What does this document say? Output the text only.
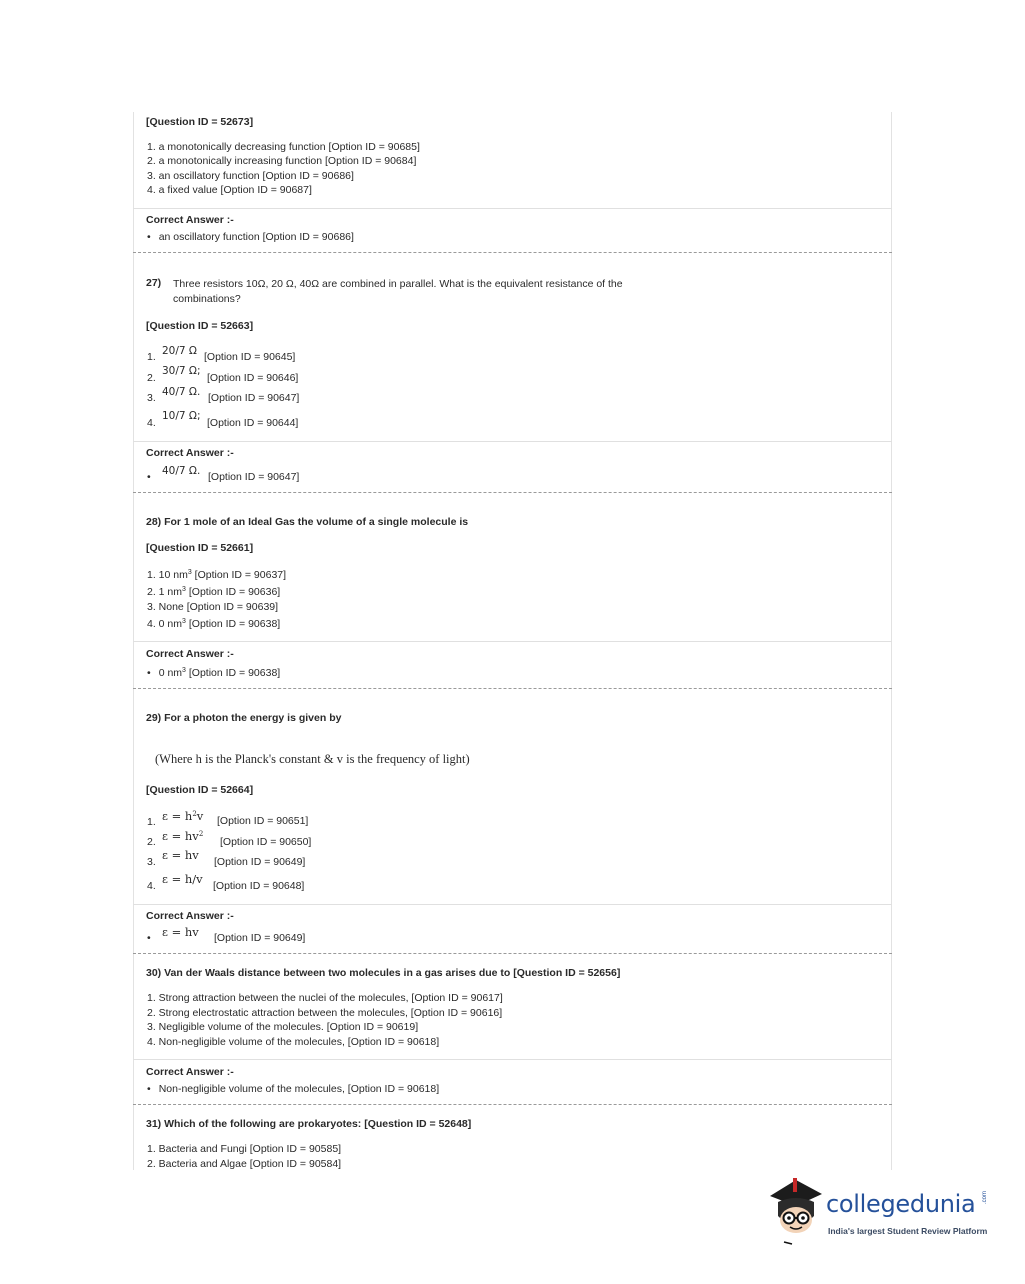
[Question ID = 52673]
1. a monotonically decreasing function [Option ID = 90685]
2. a monotonically increasing function [Option ID = 90684]
3. an oscillatory function [Option ID = 90686]
4. a fixed value [Option ID = 90687]
Correct Answer :-
• an oscillatory function [Option ID = 90686]
27) Three resistors 10Ω, 20 Ω, 40Ω are combined in parallel. What is the equivalent resistance of the
combinations?
[Question ID = 52663]
1. 20/7 Ω [Option ID = 90645]
2.
30/7 Ω;
[Option ID = 90646]
3. 40/7 Ω. [Option ID = 90647]
4.
10/7 Ω;
[Option ID = 90644]
Correct Answer :-
• 40/7 Ω. [Option ID = 90647]
28) For 1 mole of an Ideal Gas the volume of a single molecule is
[Question ID = 52661]
1. 10 $nm^3$ [Option ID = 90637]
2. 1 $nm^3$ [Option ID = 90636]
3. None [Option ID = 90639]
4. 0 $nm^3$ [Option ID = 90638]
Correct Answer :-
• 0 $nm^3$ [Option ID = 90638]
29) For a photon the energy is given by
(Where h is the Planck's constant & v is the frequency of light)
[Question ID = 52664]
1. $\varepsilon = h^2v$ [Option ID = 90651]
2. $\varepsilon = hv^2$
[Option ID = 90650]
3. ε = hv [Option ID = 90649]
4. ε = h/v [Option ID = 90648]
Correct Answer :-
• ε = hv [Option ID = 90649]
30) Van der Waals distance between two molecules in a gas arises due to [Question ID = 52656]
1. Strong attraction between the nuclei of the molecules, [Option ID = 90617]
2. Strong electrostatic attraction between the molecules, [Option ID = 90616]
3. Negligible volume of the molecules. [Option ID = 90619]
4. Non-negligible volume of the molecules, [Option ID = 90618]
Correct Answer :-
• Non-negligible volume of the molecules, [Option ID = 90618]
31) Which of the following are prokaryotes: [Question ID = 52648]
1. Bacteria and Fungi [Option ID = 90585]
2. Bacteria and Algae [Option ID = 90584]
collegedunia .com
India's largest Student Review Platform
